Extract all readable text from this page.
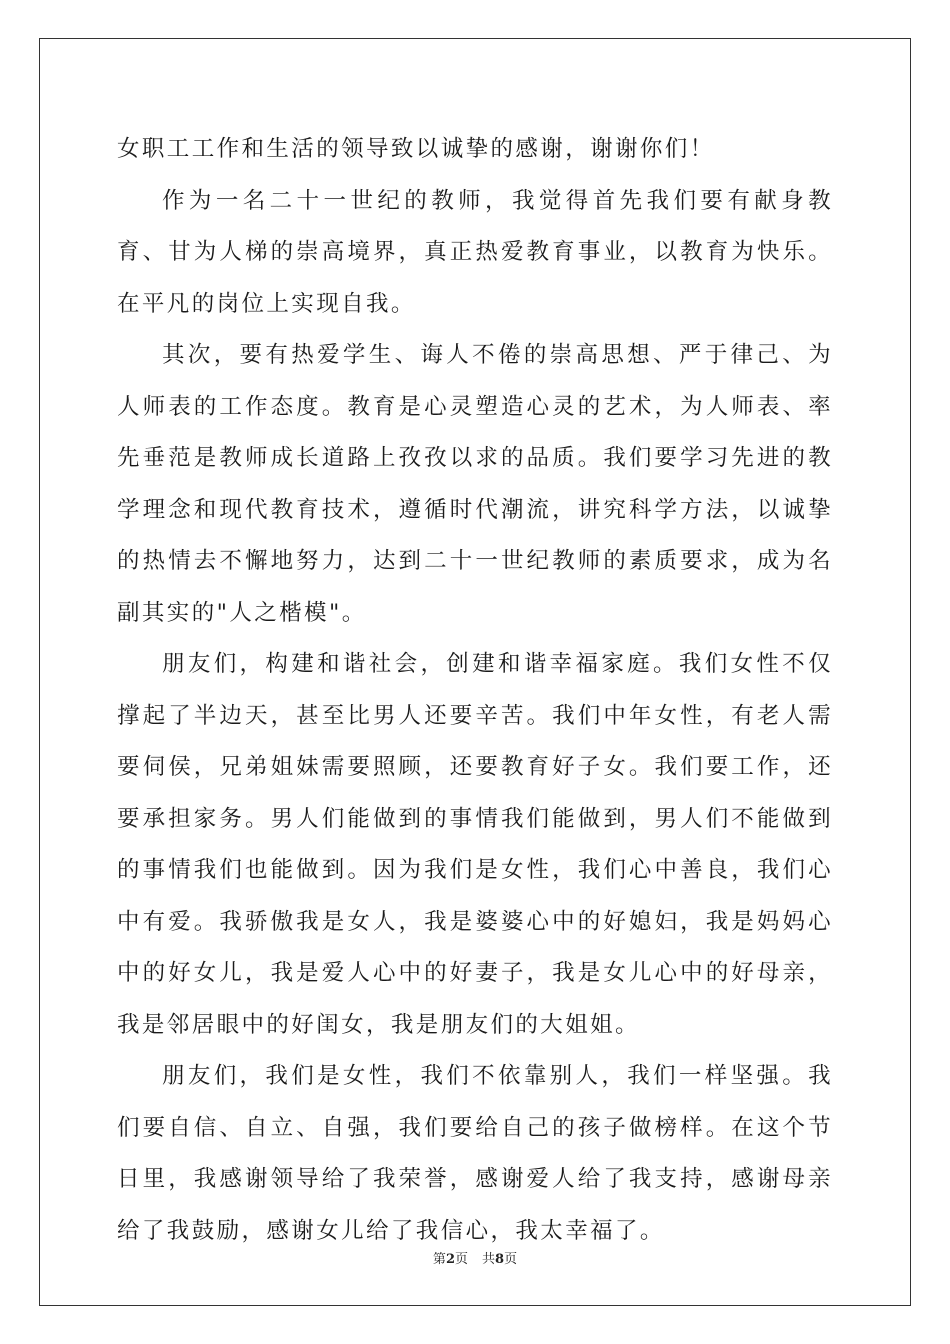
女职工工作和生活的领导致以诚挚的感谢，谢谢你们！

作为一名二十一世纪的教师，我觉得首先我们要有献身教育、甘为人梯的崇高境界，真正热爱教育事业，以教育为快乐。在平凡的岗位上实现自我。

其次，要有热爱学生、诲人不倦的崇高思想、严于律己、为人师表的工作态度。教育是心灵塑造心灵的艺术，为人师表、率先垂范是教师成长道路上孜孜以求的品质。我们要学习先进的教学理念和现代教育技术，遵循时代潮流，讲究科学方法，以诚挚的热情去不懈地努力，达到二十一世纪教师的素质要求，成为名副其实的"人之楷模"。

朋友们，构建和谐社会，创建和谐幸福家庭。我们女性不仅撑起了半边天，甚至比男人还要辛苦。我们中年女性，有老人需要伺侯，兄弟姐妹需要照顾，还要教育好子女。我们要工作，还要承担家务。男人们能做到的事情我们能做到，男人们不能做到的事情我们也能做到。因为我们是女性，我们心中善良，我们心中有爱。我骄傲我是女人，我是婆婆心中的好媳妇，我是妈妈心中的好女儿，我是爱人心中的好妻子，我是女儿心中的好母亲，我是邻居眼中的好闺女，我是朋友们的大姐姐。

朋友们，我们是女性，我们不依靠别人，我们一样坚强。我们要自信、自立、自强，我们要给自己的孩子做榜样。在这个节日里，我感谢领导给了我荣誉，感谢爱人给了我支持，感谢母亲给了我鼓励，感谢女儿给了我信心，我太幸福了。

第2页 共8页
